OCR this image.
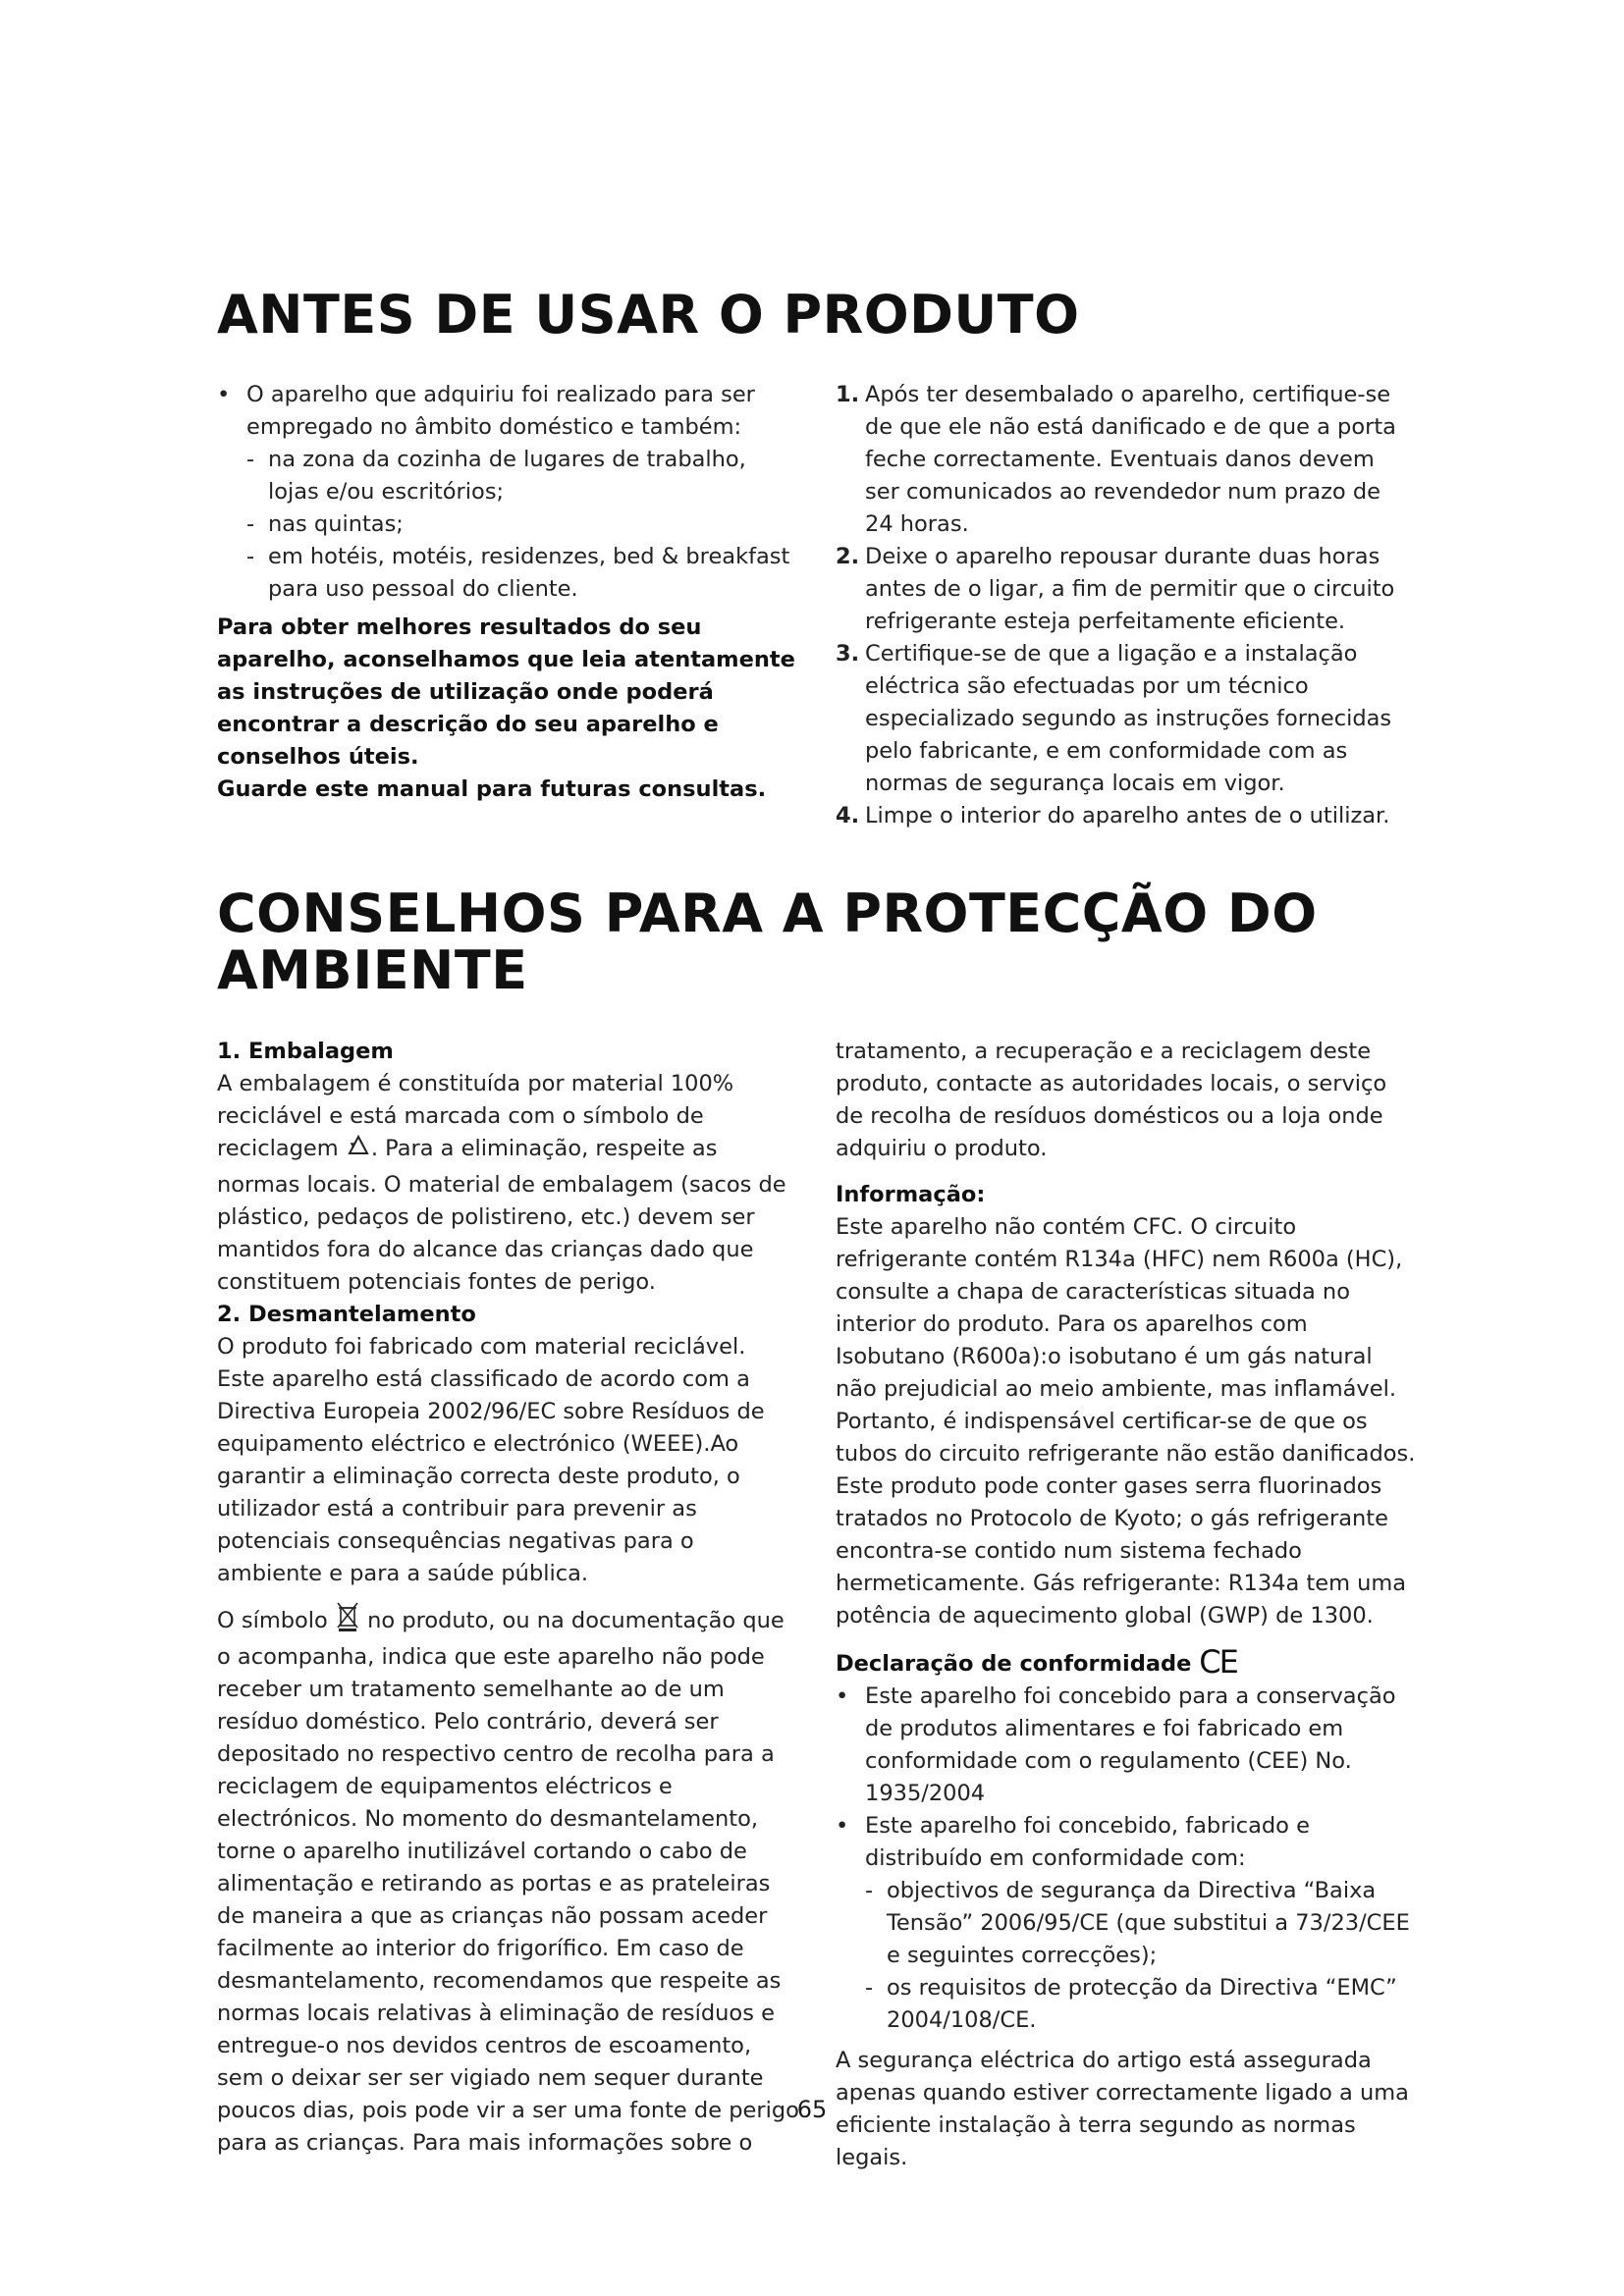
ANTES DE USAR O PRODUTO

• O aparelho que adquiriu foi realizado para ser empregado no âmbito doméstico e também:

- na zona da cozinha de lugares de trabalho, lojas e/ou escritórios;

- nas quintas;

- em hotéis, motéis, residenzes, bed & breakfast para uso pessoal do cliente.

Para obter melhores resultados do seu aparelho, aconselhamos que leia atentamente as instruções de utilização onde poderá encontrar a descrição do seu aparelho e conselhos úteis.

Guarde este manual para futuras consultas.

1. Após ter desembalado o aparelho, certifique-se de que ele não está danificado e de que a porta feche correctamente. Eventuais danos devem ser comunicados ao revendedor num prazo de 24 horas.

2. Deixe o aparelho repousar durante duas horas antes de o ligar, a fim de permitir que o circuito refrigerante esteja perfeitamente eficiente.

3. Certifique-se de que a ligação e a instalação eléctrica são efectuadas por um técnico especializado segundo as instruções fornecidas pelo fabricante, e em conformidade com as normas de segurança locais em vigor.

4. Limpe o interior do aparelho antes de o utilizar.

CONSELHOS PARA A PROTECÇÃO DO
AMBIENTE

1. Embalagem

A embalagem é constituída por material 100% reciclável e está marcada com o símbolo de reciclagem . Para a eliminação, respeite as normas locais. O material de embalagem (sacos de plástico, pedaços de polistireno, etc.) devem ser mantidos fora do alcance das crianças dado que constituem potenciais fontes de perigo.

2. Desmantelamento

O produto foi fabricado com material reciclável. Este aparelho está classificado de acordo com a Directiva Europeia 2002/96/EC sobre Resíduos de equipamento eléctrico e electrónico (WEEE).Ao garantir a eliminação correcta deste produto, o utilizador está a contribuir para prevenir as potenciais consequências negativas para o ambiente e para a saúde pública.

O símbolo no produto, ou na documentação que o acompanha, indica que este aparelho não pode receber um tratamento semelhante ao de um resíduo doméstico. Pelo contrário, deverá ser depositado no respectivo centro de recolha para a reciclagem de equipamentos eléctricos e electrónicos. No momento do desmantelamento, torne o aparelho inutilizável cortando o cabo de alimentação e retirando as portas e as prateleiras de maneira a que as crianças não possam aceder facilmente ao interior do frigorífico. Em caso de desmantelamento, recomendamos que respeite as normas locais relativas à eliminação de resíduos e entregue-o nos devidos centros de escoamento, sem o deixar ser ser vigiado nem sequer durante poucos dias, pois pode vir a ser uma fonte de perigo para as crianças. Para mais informações sobre o

tratamento, a recuperação e a reciclagem deste produto, contacte as autoridades locais, o serviço de recolha de resíduos domésticos ou a loja onde adquiriu o produto.

Informação:

Este aparelho não contém CFC. O circuito refrigerante contém R134a (HFC) nem R600a (HC), consulte a chapa de características situada no interior do produto. Para os aparelhos com Isobutano (R600a):o isobutano é um gás natural não prejudicial ao meio ambiente, mas inflamável. Portanto, é indispensável certificar-se de que os tubos do circuito refrigerante não estão danificados. Este produto pode conter gases serra fluorinados tratados no Protocolo de Kyoto; o gás refrigerante encontra-se contido num sistema fechado hermeticamente. Gás refrigerante: R134a tem uma potência de aquecimento global (GWP) de 1300.

Declaração de conformidade CE

• Este aparelho foi concebido para a conservação de produtos alimentares e foi fabricado em conformidade com o regulamento (CEE) No. 1935/2004

• Este aparelho foi concebido, fabricado e distribuído em conformidade com:

- objectivos de segurança da Directiva “Baixa Tensão” 2006/95/CE (que substitui a 73/23/CEE e seguintes correcções);

- os requisitos de protecção da Directiva “EMC” 2004/108/CE.

A segurança eléctrica do artigo está assegurada apenas quando estiver correctamente ligado a uma eficiente instalação à terra segundo as normas legais.

65
